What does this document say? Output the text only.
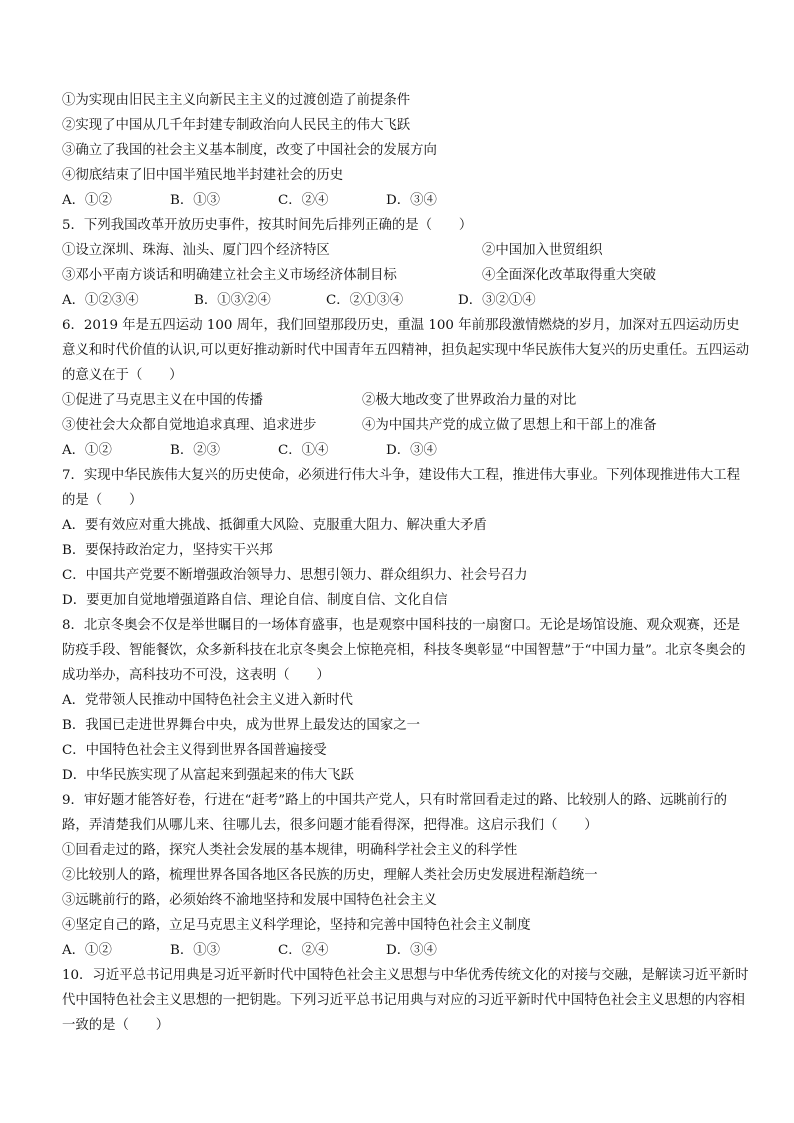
①为实现由旧民主主义向新民主主义的过渡创造了前提条件
②实现了中国从几千年封建专制政治向人民民主的伟大飞跃
③确立了我国的社会主义基本制度，改变了中国社会的发展方向
④彻底结束了旧中国半殖民地半封建社会的历史
A．①②	B．①③	C．②④	D．③④
5．下列我国改革开放历史事件，按其时间先后排列正确的是（　　）
①设立深圳、珠海、汕头、厦门四个经济特区	②中国加入世贸组织
③邓小平南方谈话和明确建立社会主义市场经济体制目标	④全面深化改革取得重大突破
A．①②③④	B．①③②④	C．②①③④	D．③②①④
6．2019 年是五四运动 100 周年，我们回望那段历史，重温 100 年前那段激情燃烧的岁月，加深对五四运动历史意义和时代价值的认识,可以更好推动新时代中国青年五四精神，担负起实现中华民族伟大复兴的历史重任。五四运动的意义在于（　　）
①促进了马克思主义在中国的传播	②极大地改变了世界政治力量的对比
③使社会大众都自觉地追求真理、追求进步	④为中国共产党的成立做了思想上和干部上的准备
A．①②	B．②③	C．①④	D．③④
7．实现中华民族伟大复兴的历史使命，必须进行伟大斗争，建设伟大工程，推进伟大事业。下列体现推进伟大工程的是（　　）
A．要有效应对重大挑战、抵御重大风险、克服重大阻力、解决重大矛盾
B．要保持政治定力，坚持实干兴邦
C．中国共产党要不断增强政治领导力、思想引领力、群众组织力、社会号召力
D．要更加自觉地增强道路自信、理论自信、制度自信、文化自信
8．北京冬奥会不仅是举世瞩目的一场体育盛事，也是观察中国科技的一扇窗口。无论是场馆设施、观众观赛，还是防疫手段、智能餐饮，众多新科技在北京冬奥会上惊艳亮相，科技冬奥彰显“中国智慧”于“中国力量”。北京冬奥会的成功举办，高科技功不可没，这表明（　　）
A．党带领人民推动中国特色社会主义进入新时代
B．我国已走进世界舞台中央，成为世界上最发达的国家之一
C．中国特色社会主义得到世界各国普遍接受
D．中华民族实现了从富起来到强起来的伟大飞跃
9．审好题才能答好卷，行进在“赶考”路上的中国共产党人，只有时常回看走过的路、比较别人的路、远眺前行的路，弄清楚我们从哪儿来、往哪儿去，很多问题才能看得深，把得准。这启示我们（　　）
①回看走过的路，探究人类社会发展的基本规律，明确科学社会主义的科学性
②比较别人的路，梳理世界各国各地区各民族的历史，理解人类社会历史发展进程渐趋统一
③远眺前行的路，必须始终不渝地坚持和发展中国特色社会主义
④坚定自己的路，立足马克思主义科学理论，坚持和完善中国特色社会主义制度
A．①②	B．①③	C．②④	D．③④
10．习近平总书记用典是习近平新时代中国特色社会主义思想与中华优秀传统文化的对接与交融，是解读习近平新时代中国特色社会主义思想的一把钥匙。下列习近平总书记用典与对应的习近平新时代中国特色社会主义思想的内容相一致的是（　　）
